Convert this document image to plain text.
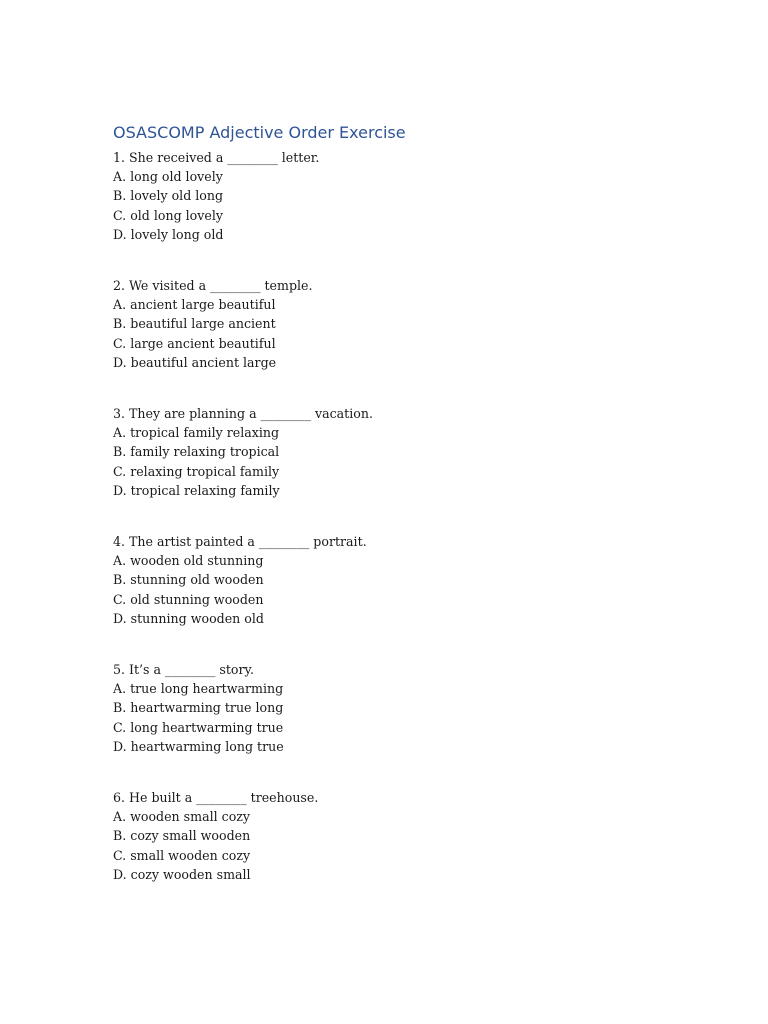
OSASCOMP Adjective Order Exercise
1. She received a ________ letter.
A. long old lovely
B. lovely old long
C. old long lovely
D. lovely long old
2. We visited a ________ temple.
A. ancient large beautiful
B. beautiful large ancient
C. large ancient beautiful
D. beautiful ancient large
3. They are planning a ________ vacation.
A. tropical family relaxing
B. family relaxing tropical
C. relaxing tropical family
D. tropical relaxing family
4. The artist painted a ________ portrait.
A. wooden old stunning
B. stunning old wooden
C. old stunning wooden
D. stunning wooden old
5. It’s a ________ story.
A. true long heartwarming
B. heartwarming true long
C. long heartwarming true
D. heartwarming long true
6. He built a ________ treehouse.
A. wooden small cozy
B. cozy small wooden
C. small wooden cozy
D. cozy wooden small
